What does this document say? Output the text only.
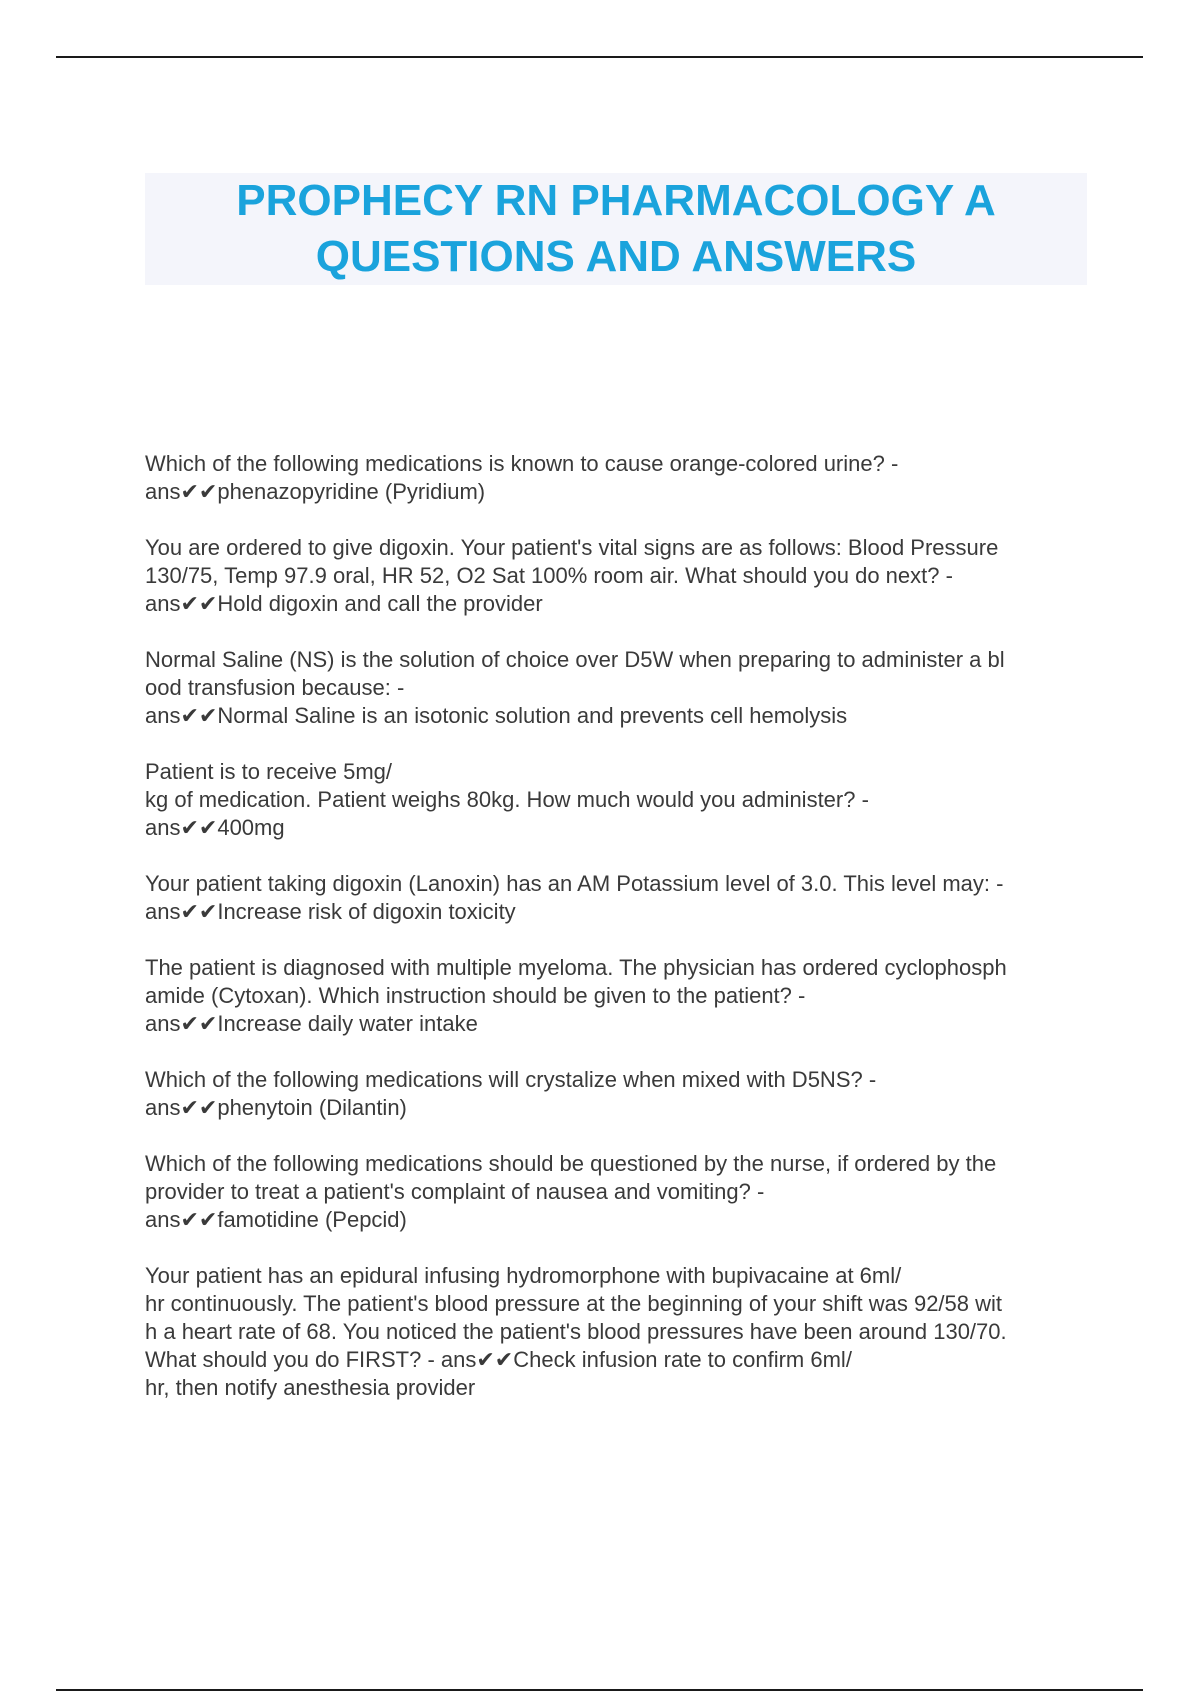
PROPHECY RN PHARMACOLOGY A
QUESTIONS AND ANSWERS
Which of the following medications is known to cause orange-colored urine? -
ans✔✔phenazopyridine (Pyridium)
You are ordered to give digoxin. Your patient's vital signs are as follows: Blood Pressure
130/75, Temp 97.9 oral, HR 52, O2 Sat 100% room air. What should you do next? -
ans✔✔Hold digoxin and call the provider
Normal Saline (NS) is the solution of choice over D5W when preparing to administer a bl
ood transfusion because: -
ans✔✔Normal Saline is an isotonic solution and prevents cell hemolysis
Patient is to receive 5mg/
kg of medication. Patient weighs 80kg. How much would you administer? -
ans✔✔400mg
Your patient taking digoxin (Lanoxin) has an AM Potassium level of 3.0. This level may: -
ans✔✔Increase risk of digoxin toxicity
The patient is diagnosed with multiple myeloma. The physician has ordered cyclophosph
amide (Cytoxan). Which instruction should be given to the patient? -
ans✔✔Increase daily water intake
Which of the following medications will crystalize when mixed with D5NS? -
ans✔✔phenytoin (Dilantin)
Which of the following medications should be questioned by the nurse, if ordered by the
provider to treat a patient's complaint of nausea and vomiting? -
ans✔✔famotidine (Pepcid)
Your patient has an epidural infusing hydromorphone with bupivacaine at 6ml/
hr continuously. The patient's blood pressure at the beginning of your shift was 92/58 wit
h a heart rate of 68. You noticed the patient's blood pressures have been around 130/70.
What should you do FIRST? - ans✔✔Check infusion rate to confirm 6ml/
hr, then notify anesthesia provider
